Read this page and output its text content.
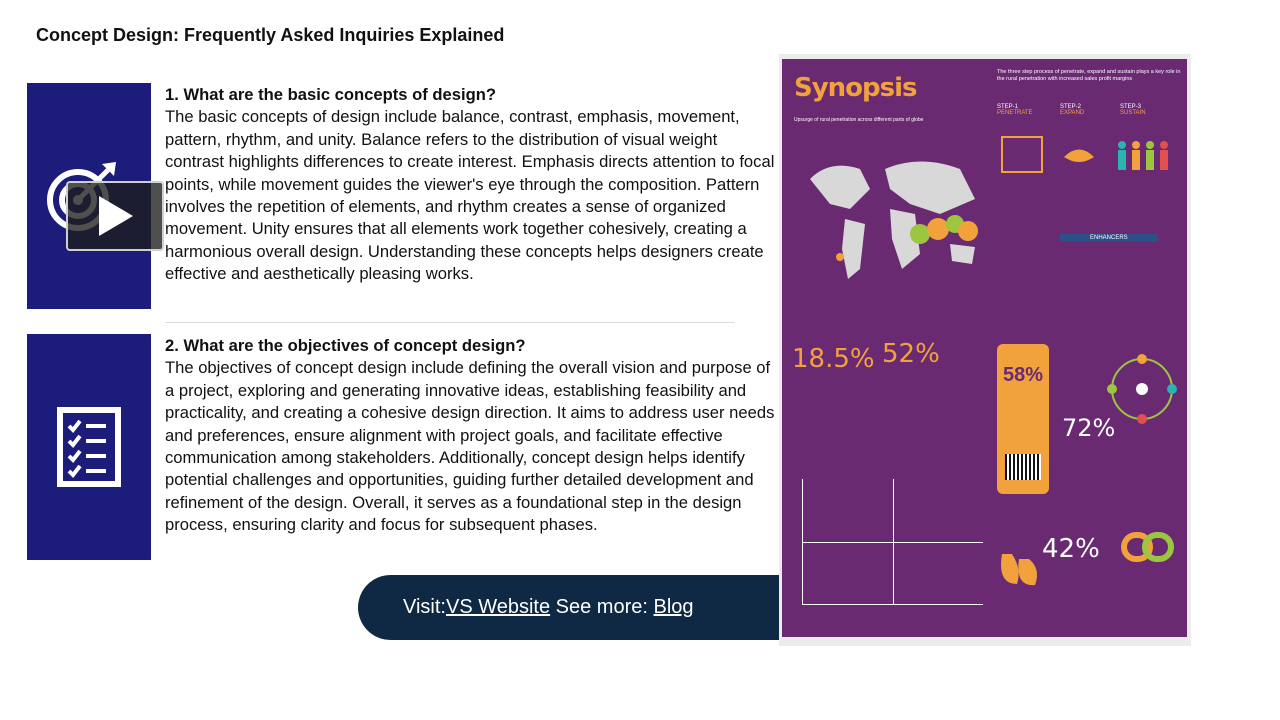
Concept Design: Frequently Asked Inquiries Explained
1. What are the basic concepts of design?
The basic concepts of design include balance, contrast, emphasis, movement, pattern, rhythm, and unity. Balance refers to the distribution of visual weight contrast highlights differences to create interest. Emphasis directs attention to focal points, while movement guides the viewer's eye through the composition. Pattern involves the repetition of elements, and rhythm creates a sense of organized movement. Unity ensures that all elements work together cohesively, creating a harmonious overall design. Understanding these concepts helps designers create effective and aesthetically pleasing works.
2. What are the objectives of concept design?
The objectives of concept design include defining the overall vision and purpose of a project, exploring and generating innovative ideas, establishing feasibility and practicality, and creating a cohesive design direction. It aims to address user needs and preferences, ensure alignment with project goals, and facilitate effective communication among stakeholders. Additionally, concept design helps identify potential challenges and opportunities, guiding further detailed development and refinement of the design. Overall, it serves as a foundational step in the design process, ensuring clarity and focus for subsequent phases.
Visit: VS Website See more: Blog
Synopsis
The three step process of penetrate, expand and sustain plays a key role in the rural penetration with increased sales profit margins
Upsurge of rural penetration across different parts of globe
STEP-1
PENETRATE
STEP-2
EXPAND
STEP-3
SUSTAIN
ENHANCERS
18.5% 52%
58%
72%
42%
